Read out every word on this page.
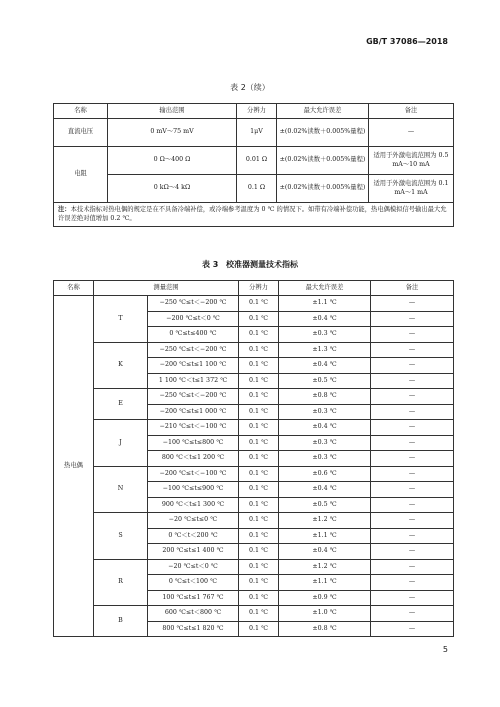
GB/T 37086—2018
表 2（续）
名称	输出范围	分辨力	最大允许误差	备注
直流电压	0 mV～75 mV	1μV	±(0.02%读数＋0.005%量程)	—
电阻	0 Ω～400 Ω	0.01 Ω	±(0.02%读数＋0.005%量程)	适用于外激电流范围为 0.5 mA～10 mA
	0 kΩ～4 kΩ	0.1 Ω	±(0.02%读数＋0.005%量程)	适用于外激电流范围为 0.1 mA～1 mA
注：本技术指标对热电偶的规定是在不具备冷端补偿，或冷端参考温度为 0 ℃ 的情况下。如带有冷端补偿功能，热电偶模拟信号输出最大允许误差绝对值增加 0.2 ℃。				
表 3 校准器测量技术指标
名称	测量范围		分辨力	最大允许误差	备注
热电偶	T	−250 ℃≤t＜−200 ℃	0.1 ℃	±1.1 ℃	—
		−200 ℃≤t＜0 ℃	0.1 ℃	±0.4 ℃	—
		0 ℃≤t≤400 ℃	0.1 ℃	±0.3 ℃	—
	K	−250 ℃≤t＜−200 ℃	0.1 ℃	±1.3 ℃	—
		−200 ℃≤t≤1 100 ℃	0.1 ℃	±0.4 ℃	—
		1 100 ℃＜t≤1 372 ℃	0.1 ℃	±0.5 ℃	—
	E	−250 ℃≤t＜−200 ℃	0.1 ℃	±0.8 ℃	—
		−200 ℃≤t≤1 000 ℃	0.1 ℃	±0.3 ℃	—
	J	−210 ℃≤t＜−100 ℃	0.1 ℃	±0.4 ℃	—
		−100 ℃≤t≤800 ℃	0.1 ℃	±0.3 ℃	—
		800 ℃＜t≤1 200 ℃	0.1 ℃	±0.3 ℃	—
	N	−200 ℃≤t＜−100 ℃	0.1 ℃	±0.6 ℃	—
		−100 ℃≤t≤900 ℃	0.1 ℃	±0.4 ℃	—
		900 ℃＜t≤1 300 ℃	0.1 ℃	±0.5 ℃	—
	S	−20 ℃≤t≤0 ℃	0.1 ℃	±1.2 ℃	—
		0 ℃＜t＜200 ℃	0.1 ℃	±1.1 ℃	—
		200 ℃≤t≤1 400 ℃	0.1 ℃	±0.4 ℃	—
	R	−20 ℃≤t＜0 ℃	0.1 ℃	±1.2 ℃	—
		0 ℃≤t＜100 ℃	0.1 ℃	±1.1 ℃	—
		100 ℃≤t≤1 767 ℃	0.1 ℃	±0.9 ℃	—
	B	600 ℃≤t＜800 ℃	0.1 ℃	±1.0 ℃	—
		800 ℃≤t≤1 820 ℃	0.1 ℃	±0.8 ℃	—
5
